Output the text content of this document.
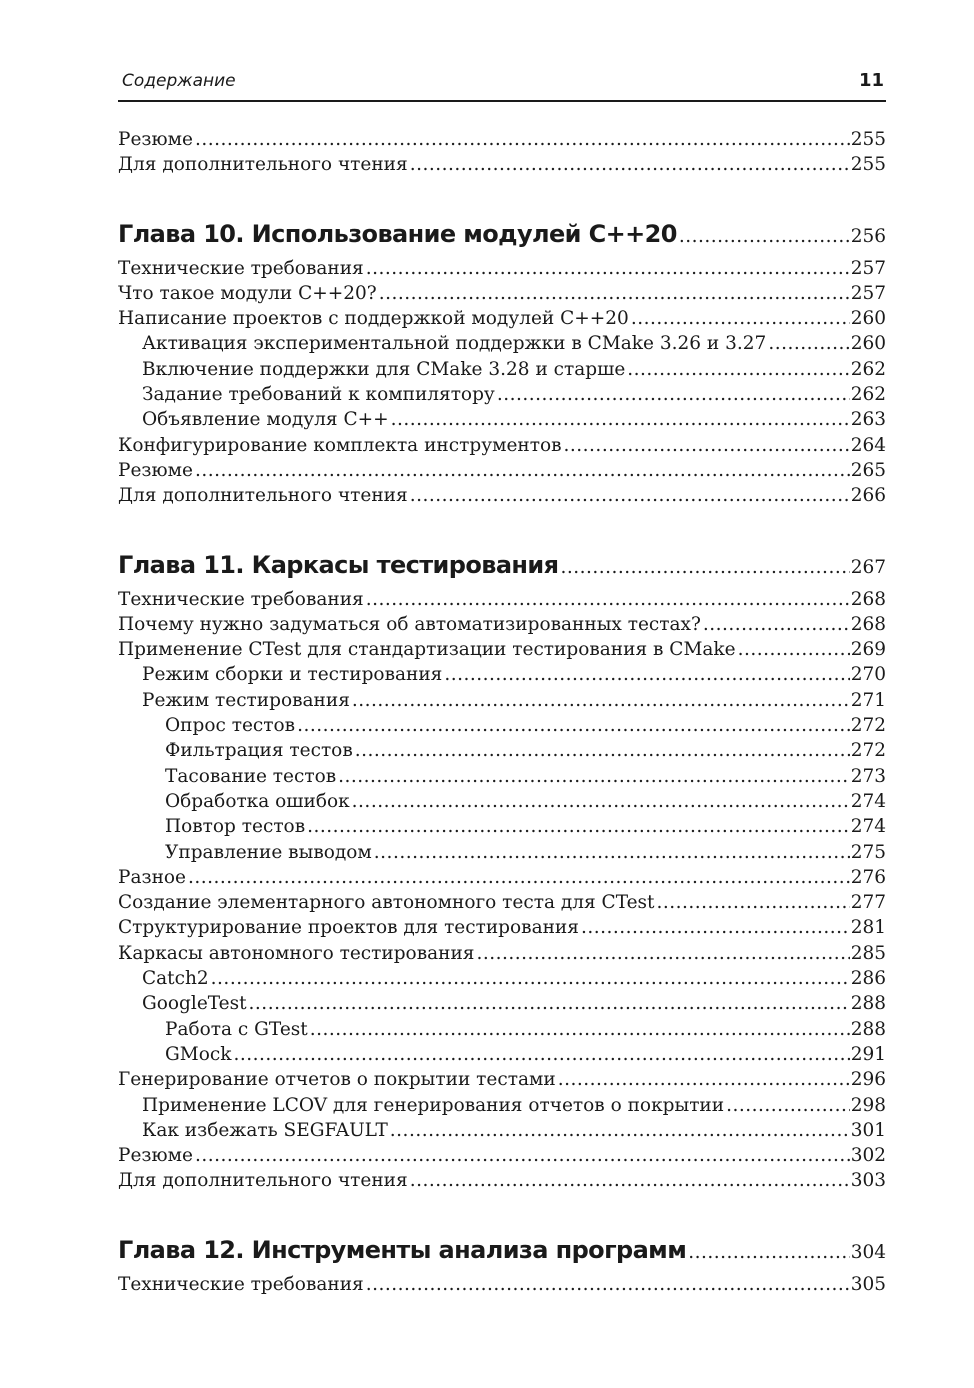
Содержание	11
Резюме .....	255
Для дополнительного чтения .....	255
Глава 10. Использование модулей C++20 .....	256
Технические требования .....	257
Что такое модули C++20? .....	257
Написание проектов с поддержкой модулей C++20 .....	260
Активация экспериментальной поддержки в CMake 3.26 и 3.27 .....	260
Включение поддержки для CMake 3.28 и старше .....	262
Задание требований к компилятору .....	262
Объявление модуля C++ .....	263
Конфигурирование комплекта инструментов .....	264
Резюме .....	265
Для дополнительного чтения .....	266
Глава 11. Каркасы тестирования .....	267
Технические требования .....	268
Почему нужно задуматься об автоматизированных тестах? .....	268
Применение CTest для стандартизации тестирования в CMake .....	269
Режим сборки и тестирования .....	270
Режим тестирования .....	271
Опрос тестов .....	272
Фильтрация тестов .....	272
Тасование тестов .....	273
Обработка ошибок .....	274
Повтор тестов .....	274
Управление выводом .....	275
Разное .....	276
Создание элементарного автономного теста для CTest .....	277
Структурирование проектов для тестирования .....	281
Каркасы автономного тестирования .....	285
Catch2 .....	286
GoogleTest .....	288
Работа с GTest .....	288
GMock .....	291
Генерирование отчетов о покрытии тестами .....	296
Применение LCOV для генерирования отчетов о покрытии .....	298
Как избежать SEGFAULT .....	301
Резюме .....	302
Для дополнительного чтения .....	303
Глава 12. Инструменты анализа программ .....	304
Технические требования .....	305
